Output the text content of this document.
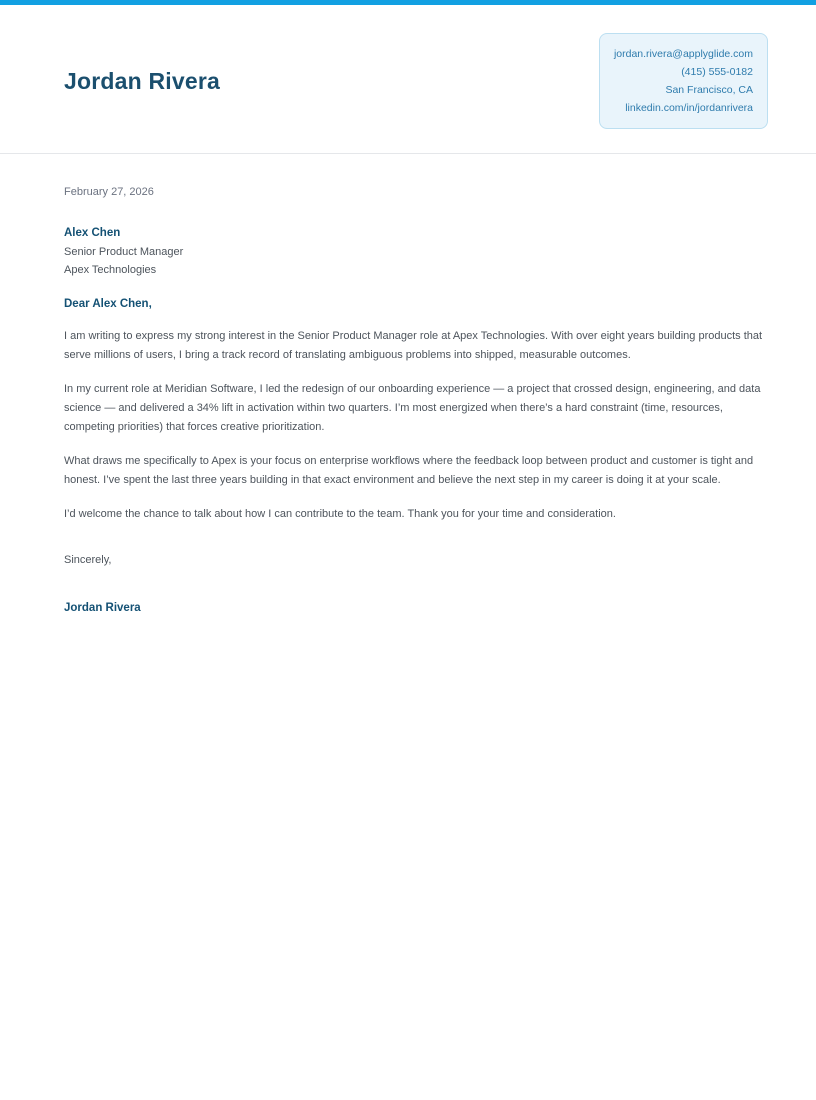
Jordan Rivera
jordan.rivera@applyglide.com
(415) 555-0182
San Francisco, CA
linkedin.com/in/jordanrivera

February 27, 2026

Alex Chen

Senior Product Manager

Apex Technologies

Dear Alex Chen,

I am writing to express my strong interest in the Senior Product Manager role at Apex Technologies. With over eight years building products that serve millions of users, I bring a track record of translating ambiguous problems into shipped, measurable outcomes.

In my current role at Meridian Software, I led the redesign of our onboarding experience — a project that crossed design, engineering, and data science — and delivered a 34% lift in activation within two quarters. I’m most energized when there’s a hard constraint (time, resources, competing priorities) that forces creative prioritization.

What draws me specifically to Apex is your focus on enterprise workflows where the feedback loop between product and customer is tight and honest. I’ve spent the last three years building in that exact environment and believe the next step in my career is doing it at your scale.

I’d welcome the chance to talk about how I can contribute to the team. Thank you for your time and consideration.

Sincerely,

Jordan Rivera
